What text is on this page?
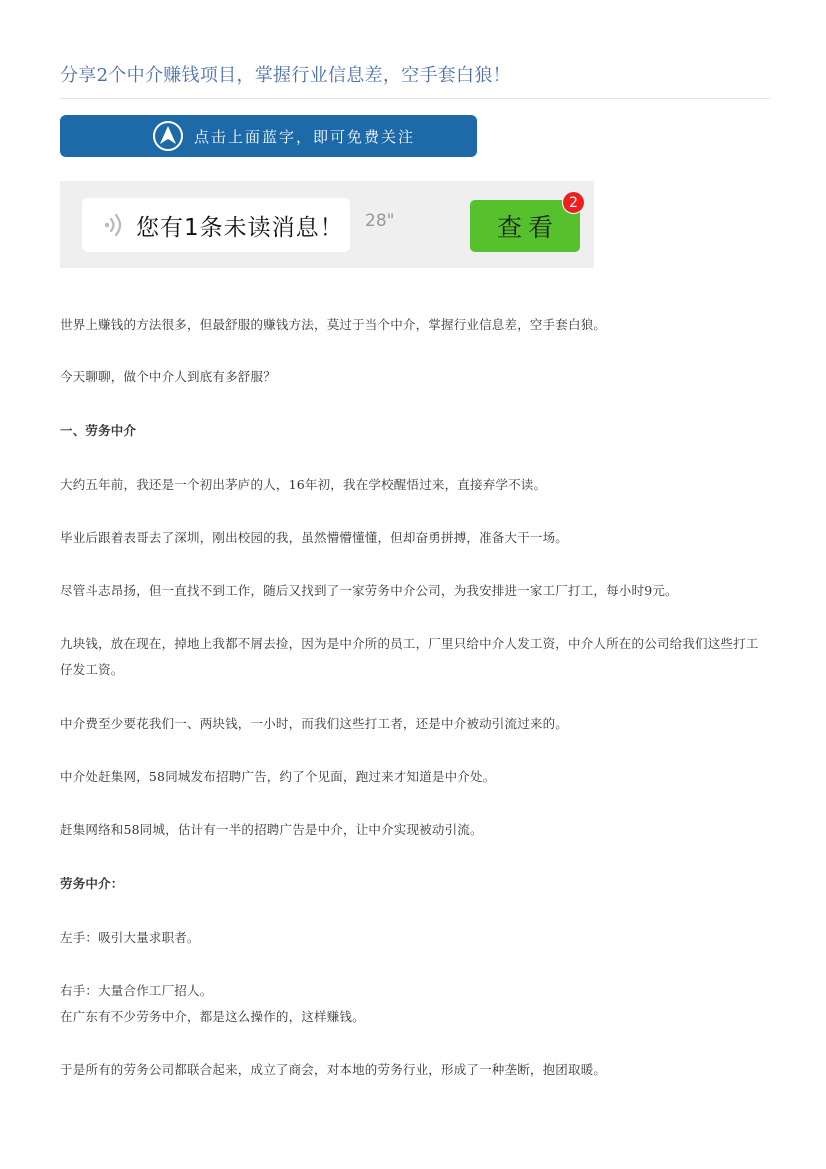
分享2个中介赚钱项目，掌握行业信息差，空手套白狼！
点击上面蓝字，即可免费关注
您有1条未读消息！ 28"	查看
2
世界上赚钱的方法很多，但最舒服的赚钱方法，莫过于当个中介，掌握行业信息差，空手套白狼。
今天聊聊，做个中介人到底有多舒服？
一、劳务中介
大约五年前，我还是一个初出茅庐的人，16年初，我在学校醒悟过来，直接弃学不读。
毕业后跟着表哥去了深圳，刚出校园的我，虽然懵懵懂懂，但却奋勇拼搏，准备大干一场。
尽管斗志昂扬，但一直找不到工作，随后又找到了一家劳务中介公司，为我安排进一家工厂打工，每小时9元。
九块钱，放在现在，掉地上我都不屑去捡，因为是中介所的员工，厂里只给中介人发工资，中介人所在的公司给我们这些打工仔发工资。
中介费至少要花我们一、两块钱，一小时，而我们这些打工者，还是中介被动引流过来的。
中介处赶集网，58同城发布招聘广告，约了个见面，跑过来才知道是中介处。
赶集网络和58同城，估计有一半的招聘广告是中介，让中介实现被动引流。
劳务中介：
左手：吸引大量求职者。
右手：大量合作工厂招人。
在广东有不少劳务中介，都是这么操作的，这样赚钱。
于是所有的劳务公司都联合起来，成立了商会，对本地的劳务行业，形成了一种垄断，抱团取暖。
